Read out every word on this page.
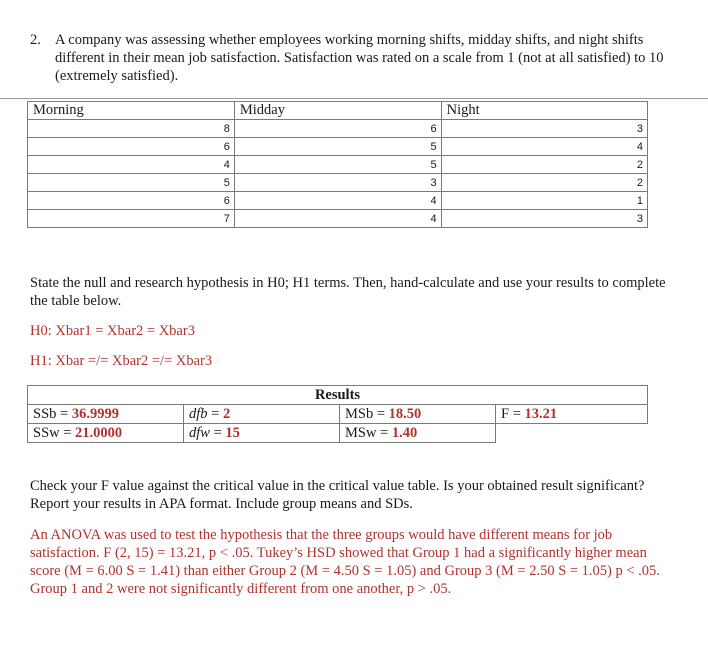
2. A company was assessing whether employees working morning shifts, midday shifts, and night shifts different in their mean job satisfaction. Satisfaction was rated on a scale from 1 (not at all satisfied) to 10 (extremely satisfied).
Morning	Midday	Night
8	6	3
6	5	4
4	5	2
5	3	2
6	4	1
7	4	3
State the null and research hypothesis in H0; H1 terms. Then, hand-calculate and use your results to complete the table below.
H0: Xbar1 = Xbar2 = Xbar3
H1: Xbar =/= Xbar2 =/= Xbar3
Results			
SSb = 36.9999	dfb = 2	MSb = 18.50	F = 13.21
SSw = 21.0000	dfw = 15	MSw = 1.40	
Check your F value against the critical value in the critical value table. Is your obtained result significant? Report your results in APA format. Include group means and SDs.
An ANOVA was used to test the hypothesis that the three groups would have different means for job satisfaction. F (2, 15) = 13.21, p < .05. Tukey’s HSD showed that Group 1 had a significantly higher mean score (M = 6.00 S = 1.41) than either Group 2 (M = 4.50 S = 1.05) and Group 3 (M = 2.50 S = 1.05) p < .05. Group 1 and 2 were not significantly different from one another, p > .05.
